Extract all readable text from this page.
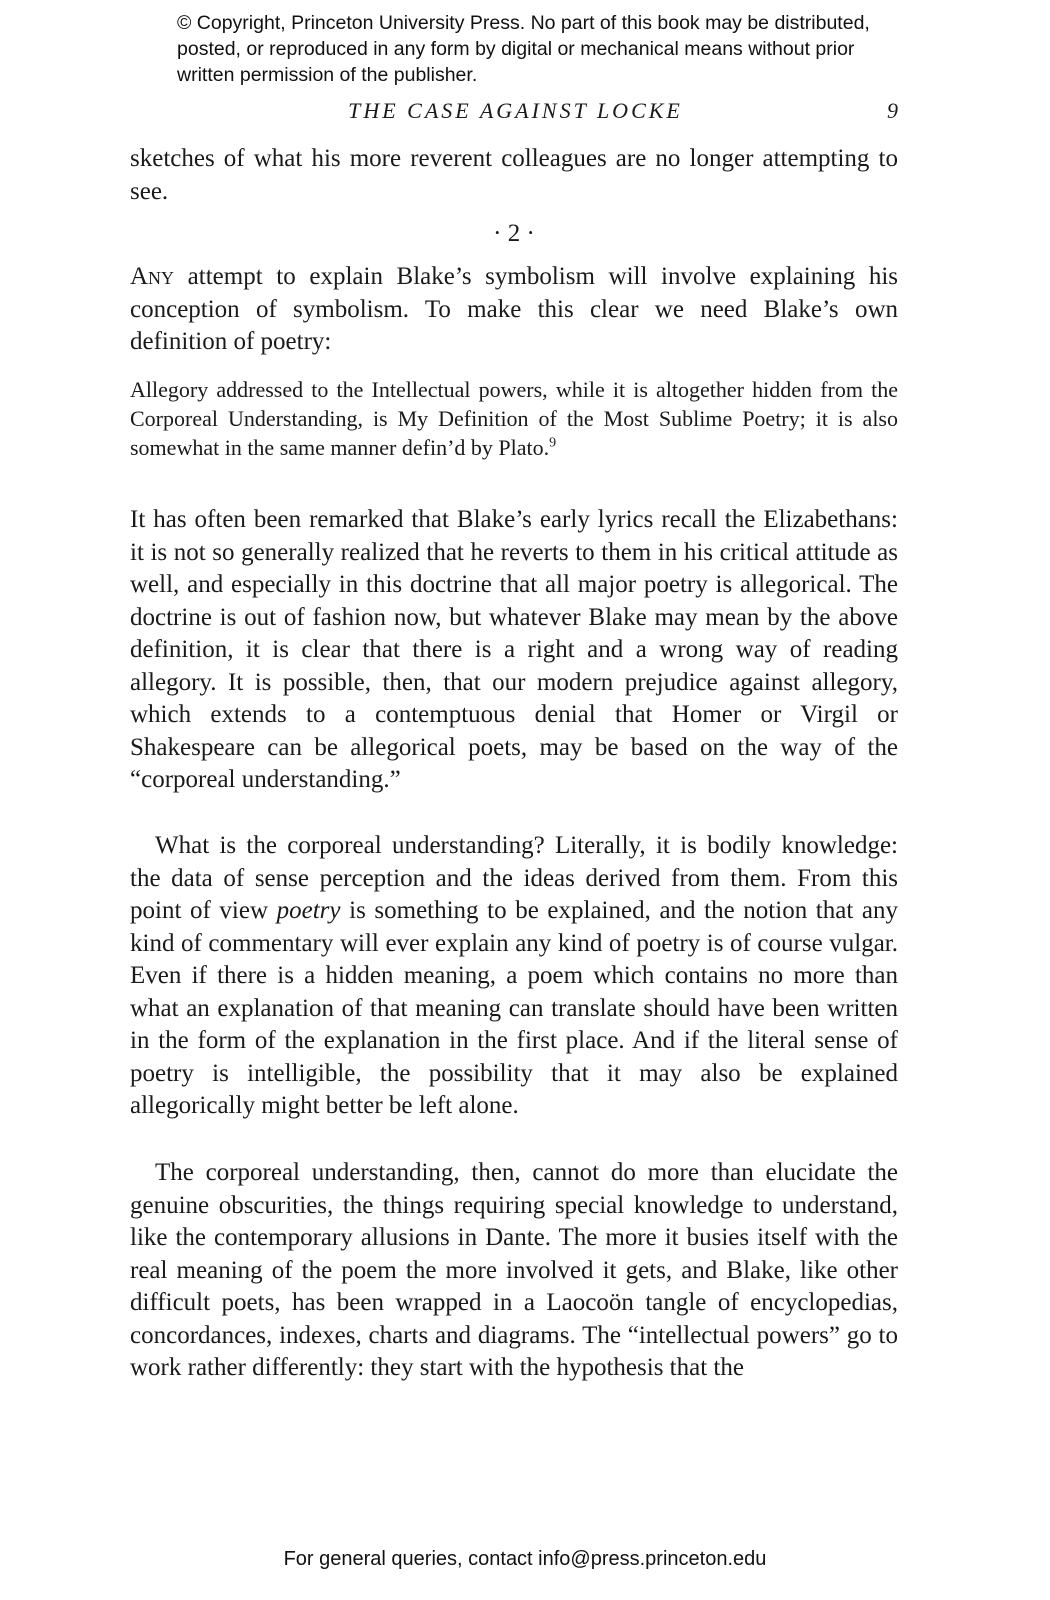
© Copyright, Princeton University Press. No part of this book may be distributed, posted, or reproduced in any form by digital or mechanical means without prior written permission of the publisher.
THE CASE AGAINST LOCKE	9

sketches of what his more reverent colleagues are no longer attempting to see.

· 2 ·

Any attempt to explain Blake’s symbolism will involve explaining his conception of symbolism. To make this clear we need Blake’s own definition of poetry:

Allegory addressed to the Intellectual powers, while it is altogether hidden from the Corporeal Understanding, is My Definition of the Most Sublime Poetry; it is also somewhat in the same manner defin’d by Plato.$^9$

It has often been remarked that Blake’s early lyrics recall the Elizabethans: it is not so generally realized that he reverts to them in his critical attitude as well, and especially in this doctrine that all major poetry is allegorical. The doctrine is out of fashion now, but whatever Blake may mean by the above definition, it is clear that there is a right and a wrong way of reading allegory. It is possible, then, that our modern prejudice against allegory, which extends to a contemptuous denial that Homer or Virgil or Shakespeare can be allegorical poets, may be based on the way of the “corporeal understanding.”

What is the corporeal understanding? Literally, it is bodily knowledge: the data of sense perception and the ideas derived from them. From this point of view poetry is something to be explained, and the notion that any kind of commentary will ever explain any kind of poetry is of course vulgar. Even if there is a hidden meaning, a poem which contains no more than what an explanation of that meaning can translate should have been written in the form of the explanation in the first place. And if the literal sense of poetry is intelligible, the possibility that it may also be explained allegorically might better be left alone.

The corporeal understanding, then, cannot do more than elucidate the genuine obscurities, the things requiring special knowledge to understand, like the contemporary allusions in Dante. The more it busies itself with the real meaning of the poem the more involved it gets, and Blake, like other difficult poets, has been wrapped in a Laocoön tangle of encyclopedias, concordances, indexes, charts and diagrams. The “intellectual powers” go to work rather differently: they start with the hypothesis that the

For general queries, contact info@press.princeton.edu
